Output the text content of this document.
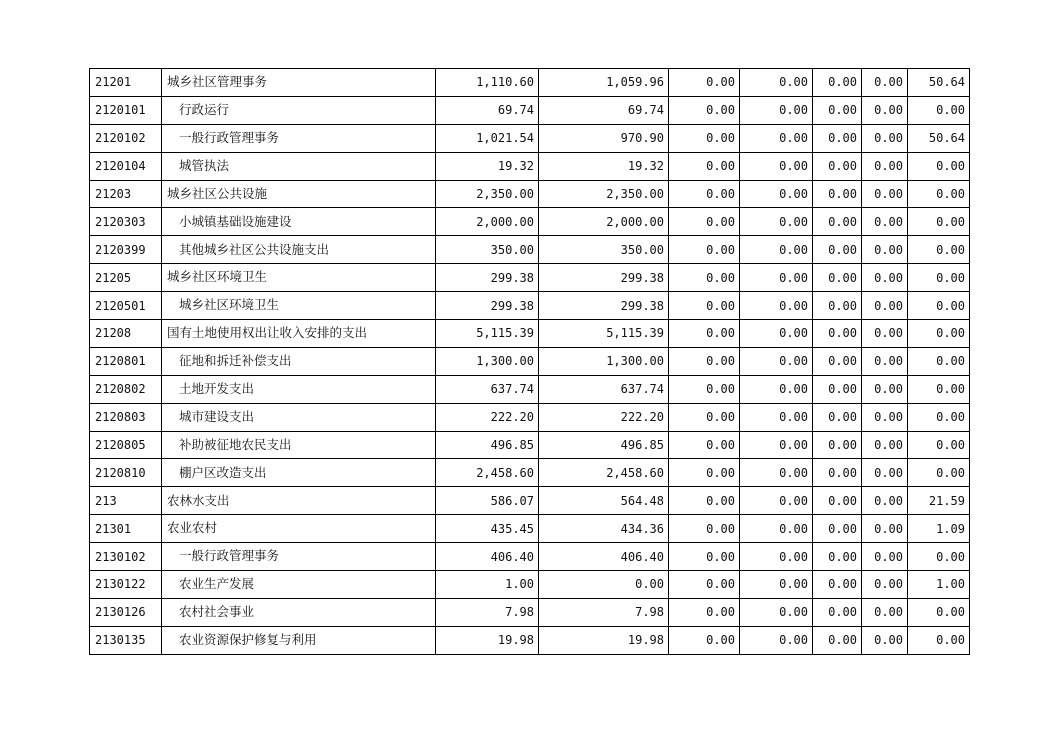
21201	城乡社区管理事务	1,110.60	1,059.96	0.00	0.00	0.00	0.00	50.64
2120101	行政运行	69.74	69.74	0.00	0.00	0.00	0.00	0.00
2120102	一般行政管理事务	1,021.54	970.90	0.00	0.00	0.00	0.00	50.64
2120104	城管执法	19.32	19.32	0.00	0.00	0.00	0.00	0.00
21203	城乡社区公共设施	2,350.00	2,350.00	0.00	0.00	0.00	0.00	0.00
2120303	小城镇基础设施建设	2,000.00	2,000.00	0.00	0.00	0.00	0.00	0.00
2120399	其他城乡社区公共设施支出	350.00	350.00	0.00	0.00	0.00	0.00	0.00
21205	城乡社区环境卫生	299.38	299.38	0.00	0.00	0.00	0.00	0.00
2120501	城乡社区环境卫生	299.38	299.38	0.00	0.00	0.00	0.00	0.00
21208	国有土地使用权出让收入安排的支出	5,115.39	5,115.39	0.00	0.00	0.00	0.00	0.00
2120801	征地和拆迁补偿支出	1,300.00	1,300.00	0.00	0.00	0.00	0.00	0.00
2120802	土地开发支出	637.74	637.74	0.00	0.00	0.00	0.00	0.00
2120803	城市建设支出	222.20	222.20	0.00	0.00	0.00	0.00	0.00
2120805	补助被征地农民支出	496.85	496.85	0.00	0.00	0.00	0.00	0.00
2120810	棚户区改造支出	2,458.60	2,458.60	0.00	0.00	0.00	0.00	0.00
213	农林水支出	586.07	564.48	0.00	0.00	0.00	0.00	21.59
21301	农业农村	435.45	434.36	0.00	0.00	0.00	0.00	1.09
2130102	一般行政管理事务	406.40	406.40	0.00	0.00	0.00	0.00	0.00
2130122	农业生产发展	1.00	0.00	0.00	0.00	0.00	0.00	1.00
2130126	农村社会事业	7.98	7.98	0.00	0.00	0.00	0.00	0.00
2130135	农业资源保护修复与利用	19.98	19.98	0.00	0.00	0.00	0.00	0.00
